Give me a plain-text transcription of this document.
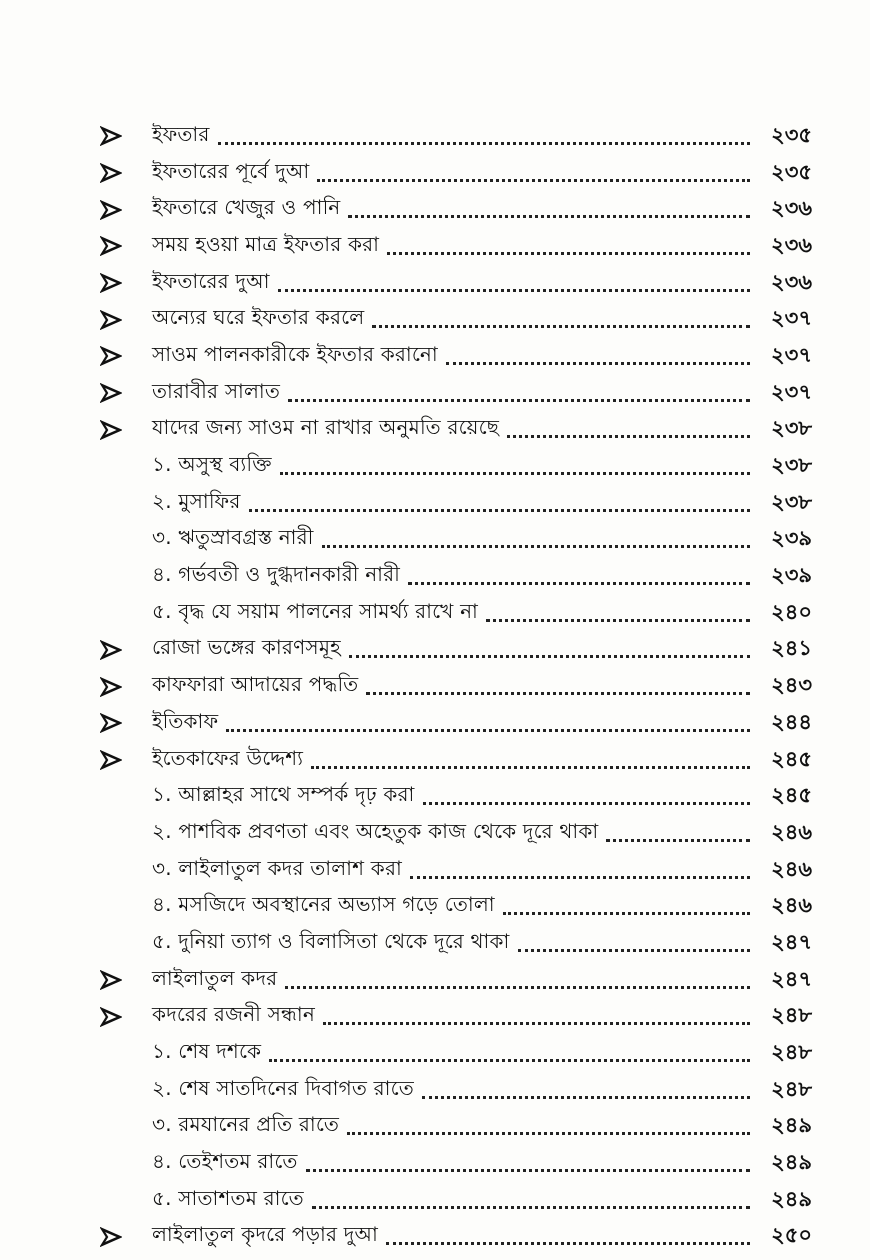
ইফতার	২৩৫
ইফতারের পূর্বে দুআ	২৩৫
ইফতারে খেজুর ও পানি	২৩৬
সময় হওয়া মাত্র ইফতার করা	২৩৬
ইফতারের দুআ	২৩৬
অন্যের ঘরে ইফতার করলে	২৩৭
সাওম পালনকারীকে ইফতার করানো	২৩৭
তারাবীর সালাত	২৩৭
যাদের জন্য সাওম না রাখার অনুমতি রয়েছে	২৩৮
১. অসুস্থ ব্যক্তি	২৩৮
২. মুসাফির	২৩৮
৩. ঋতুস্রাবগ্রস্ত নারী	২৩৯
৪. গর্ভবতী ও দুগ্ধদানকারী নারী	২৩৯
৫. বৃদ্ধ যে সয়াম পালনের সামর্থ্য রাখে না	২৪০
রোজা ভঙ্গের কারণসমূহ	২৪১
কাফফারা আদায়ের পদ্ধতি	২৪৩
ইতিকাফ	২৪৪
ইতেকাফের উদ্দেশ্য	২৪৫
১. আল্লাহর সাথে সম্পর্ক দৃঢ় করা	২৪৫
২. পাশবিক প্রবণতা এবং অহেতুক কাজ থেকে দূরে থাকা	২৪৬
৩. লাইলাতুল কদর তালাশ করা	২৪৬
৪. মসজিদে অবস্থানের অভ্যাস গড়ে তোলা	২৪৬
৫. দুনিয়া ত্যাগ ও বিলাসিতা থেকে দূরে থাকা	২৪৭
লাইলাতুল কদর	২৪৭
কদরের রজনী সন্ধান	২৪৮
১. শেষ দশকে	২৪৮
২. শেষ সাতদিনের দিবাগত রাতে	২৪৮
৩. রমযানের প্রতি রাতে	২৪৯
৪. তেইশতম রাতে	২৪৯
৫. সাতাশতম রাতে	২৪৯
লাইলাতুল কৃদরে পড়ার দুআ	২৫০
